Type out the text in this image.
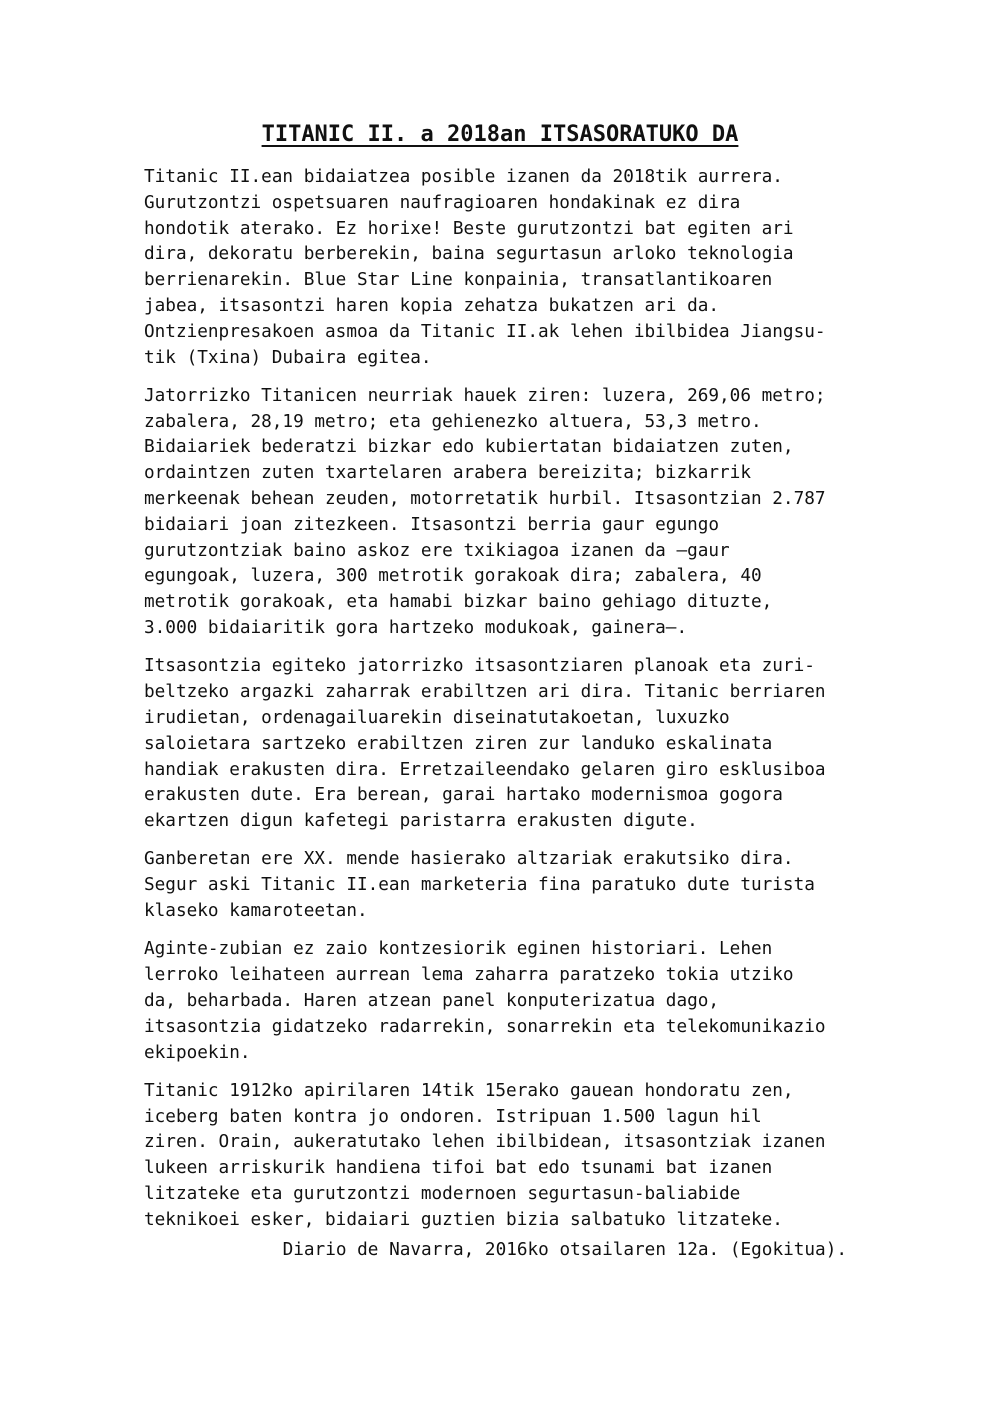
TITANIC II. a 2018an ITSASORATUKO DA

Titanic II.ean bidaiatzea posible izanen da 2018tik aurrera.
Gurutzontzi ospetsuaren naufragioaren hondakinak ez dira
hondotik aterako. Ez horixe! Beste gurutzontzi bat egiten ari
dira, dekoratu berberekin, baina segurtasun arloko teknologia
berrienarekin. Blue Star Line konpainia, transatlantikoaren
jabea, itsasontzi haren kopia zehatza bukatzen ari da.
Ontzienpresakoen asmoa da Titanic II.ak lehen ibilbidea Jiangsu-
tik (Txina) Dubaira egitea.

Jatorrizko Titanicen neurriak hauek ziren: luzera, 269,06 metro;
zabalera, 28,19 metro; eta gehienezko altuera, 53,3 metro.
Bidaiariek bederatzi bizkar edo kubiertatan bidaiatzen zuten,
ordaintzen zuten txartelaren arabera bereizita; bizkarrik
merkeenak behean zeuden, motorretatik hurbil. Itsasontzian 2.787
bidaiari joan zitezkeen. Itsasontzi berria gaur egungo
gurutzontziak baino askoz ere txikiagoa izanen da –gaur
egungoak, luzera, 300 metrotik gorakoak dira; zabalera, 40
metrotik gorakoak, eta hamabi bizkar baino gehiago dituzte,
3.000 bidaiaritik gora hartzeko modukoak, gainera–.

Itsasontzia egiteko jatorrizko itsasontziaren planoak eta zuri-
beltzeko argazki zaharrak erabiltzen ari dira. Titanic berriaren
irudietan, ordenagailuarekin diseinatutakoetan, luxuzko
saloietara sartzeko erabiltzen ziren zur landuko eskalinata
handiak erakusten dira. Erretzaileendako gelaren giro esklusiboa
erakusten dute. Era berean, garai hartako modernismoa gogora
ekartzen digun kafetegi paristarra erakusten digute.

Ganberetan ere XX. mende hasierako altzariak erakutsiko dira.
Segur aski Titanic II.ean marketeria fina paratuko dute turista
klaseko kamaroteetan.

Aginte-zubian ez zaio kontzesiorik eginen historiari. Lehen
lerroko leihateen aurrean lema zaharra paratzeko tokia utziko
da, beharbada. Haren atzean panel konputerizatua dago,
itsasontzia gidatzeko radarrekin, sonarrekin eta telekomunikazio
ekipoekin.

Titanic 1912ko apirilaren 14tik 15erako gauean hondoratu zen,
iceberg baten kontra jo ondoren. Istripuan 1.500 lagun hil
ziren. Orain, aukeratutako lehen ibilbidean, itsasontziak izanen
lukeen arriskurik handiena tifoi bat edo tsunami bat izanen
litzateke eta gurutzontzi modernoen segurtasun-baliabide
teknikoei esker, bidaiari guztien bizia salbatuko litzateke.

Diario de Navarra, 2016ko otsailaren 12a. (Egokitua).
